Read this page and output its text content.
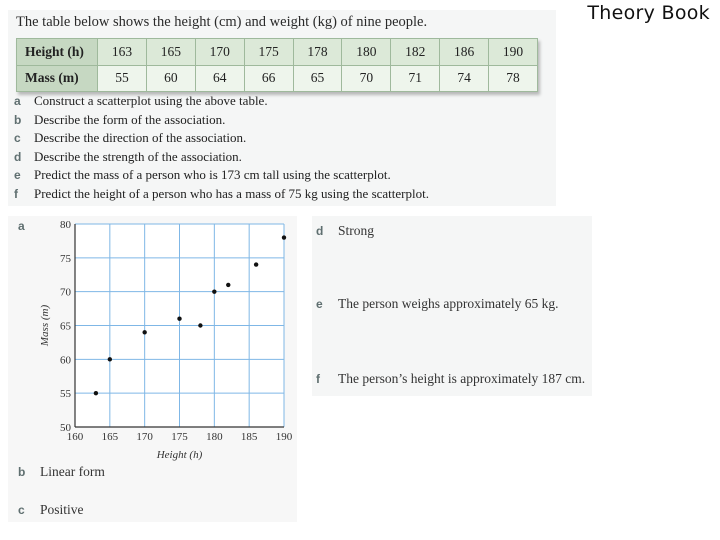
Theory Book
The table below shows the height (cm) and weight (kg) of nine people.
Height (h)	163	165	170	175	178	180	182	186	190
Mass (m)	55	60	64	66	65	70	71	74	78
a Construct a scatterplot using the above table.
b Describe the form of the association.
c Describe the direction of the association.
d Describe the strength of the association.
e Predict the mass of a person who is 173 cm tall using the scatterplot.
f Predict the height of a person who has a mass of 75 kg using the scatterplot.
a
160 165 170 175 180 185 190
50
55
60
65
70
75
80
Height (h)
Mass (m)
b Linear form
c Positive
d Strong
e The person weighs approximately 65 kg.
f The person’s height is approximately 187 cm.
